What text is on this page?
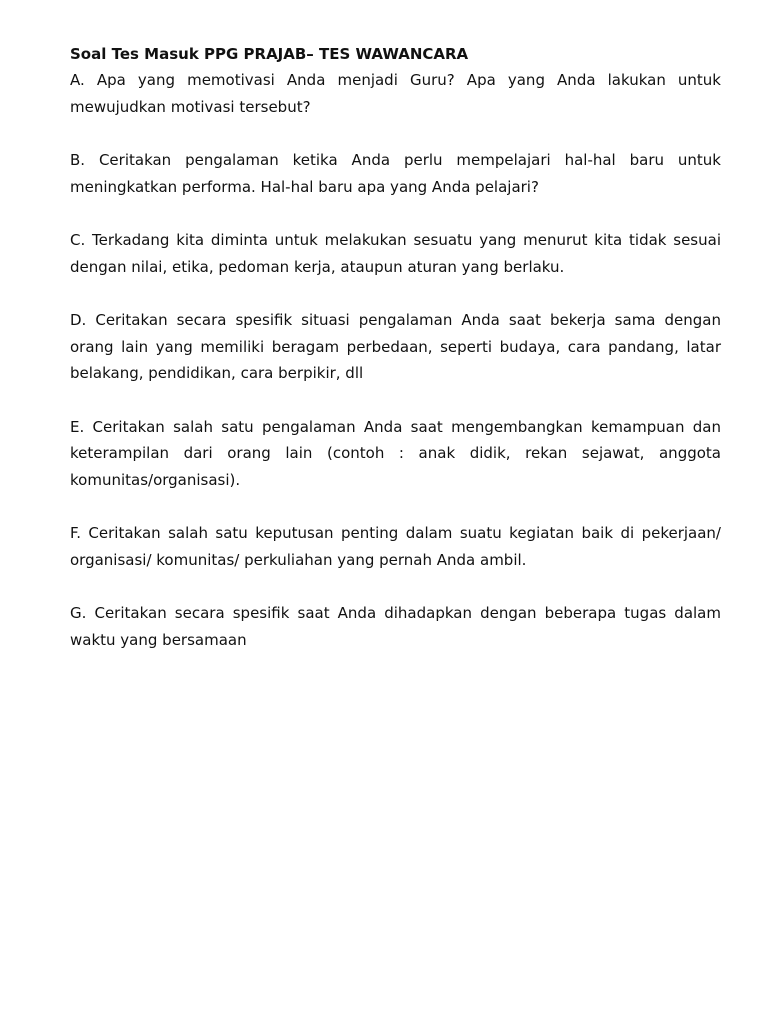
Soal Tes Masuk PPG PRAJAB– TES WAWANCARA

A. Apa yang memotivasi Anda menjadi Guru? Apa yang Anda lakukan untuk mewujudkan motivasi tersebut?

B. Ceritakan pengalaman ketika Anda perlu mempelajari hal-hal baru untuk meningkatkan performa. Hal-hal baru apa yang Anda pelajari?

C. Terkadang kita diminta untuk melakukan sesuatu yang menurut kita tidak sesuai dengan nilai, etika, pedoman kerja, ataupun aturan yang berlaku.

D. Ceritakan secara spesifik situasi pengalaman Anda saat bekerja sama dengan orang lain yang memiliki beragam perbedaan, seperti budaya, cara pandang, latar belakang, pendidikan, cara berpikir, dll

E. Ceritakan salah satu pengalaman Anda saat mengembangkan kemampuan dan keterampilan dari orang lain (contoh : anak didik, rekan sejawat, anggota komunitas/organisasi).

F. Ceritakan salah satu keputusan penting dalam suatu kegiatan baik di pekerjaan/ organisasi/ komunitas/ perkuliahan yang pernah Anda ambil.

G. Ceritakan secara spesifik saat Anda dihadapkan dengan beberapa tugas dalam waktu yang bersamaan
